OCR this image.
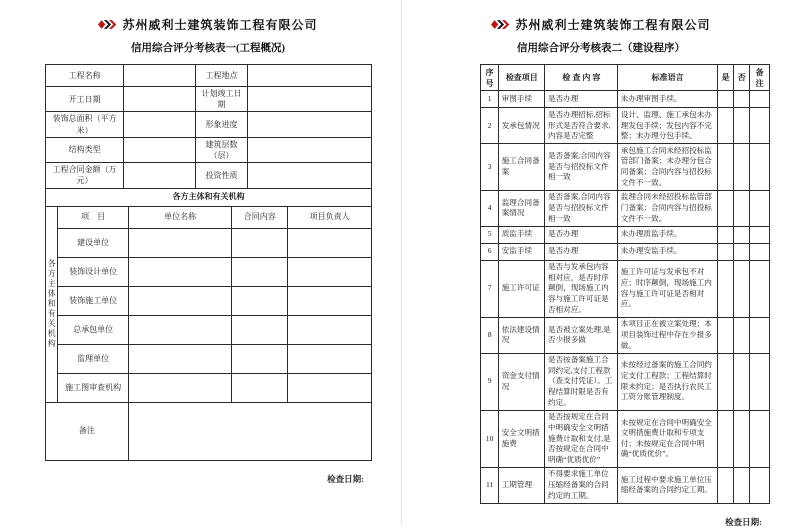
苏州威利士建筑装饰工程有限公司
信用综合评分考核表一(工程概况)
工程名称		工程地点	
开工日期		计划竣工日期	
装饰总面积（平方米）		形象进度	
结构类型		建筑层数（层）	
工程合同金额（万元）		投资性质	
各方主体和有关机构				
各方主体和有关机构	项　目	单位名称	合同内容	项目负责人
	建设单位			
	装饰设计单位			
	装饰施工单位			
	总承包单位			
	监理单位			
	施工图审查机构			
备注				
检查日期:
苏州威利士建筑装饰工程有限公司
信用综合评分考核表二（建设程序）
序号	检查项目	检 查 内 容	标准语言	是	否	备注
1	审图手续	是否办理	未办理审图手续。			
2	发承包情况	是否办理招标,招标形式是否符合要求,内容是否完整	设计、监理、施工承包未办理发包手续；发包内容不完整；未办理分包手续。			
3	施工合同备案	是否备案,合同内容是否与招投标文件相一致	承包施工合同未经招投标监管部门备案；未办理分包合同备案；合同内容与招投标文件不一致。			
4	监理合同备案情况	是否备案,合同内容是否与招投标文件相一致	监理合同未经招投标监管部门备案；合同内容与招投标文件不一致。			
5	质监手续	是否办理	未办理质监手续。			
6	安监手续	是否办理	未办理安监手续。			
7	施工许可证	是否与发承包内容相对应，是否时序颠倒，现场施工内容与施工许可证是否相对应。	施工许可证与发承包不对应；时序颠倒，现场施工内容与施工许可证是否相对应。			
8	依法建设情况	是否被立案处理,是否少报多做	本项目正在被立案处理；本项目装饰过程中存在少报多做。			
9	资金支付情况	是否按备案施工合同约定,支付工程款（查支付凭证）。工程结算时限是否有约定。	未按经过备案的施工合同约定支付工程款；工程结算时限未约定；是否执行农民工工资分账管理制度。			
10	安全文明措施费	是否按规定在合同中明确安全文明措施费计取和支付,是否按规定在合同中明确“优质优价”	未按规定在合同中明确安全文明措施费计取和专项支付；未按规定在合同中明确“优质优价”。			
11	工期管理	不得要求施工单位压缩经备案的合同约定的工期。	施工过程中要求施工单位压缩经备案的合同约定工期。			
检查日期:
